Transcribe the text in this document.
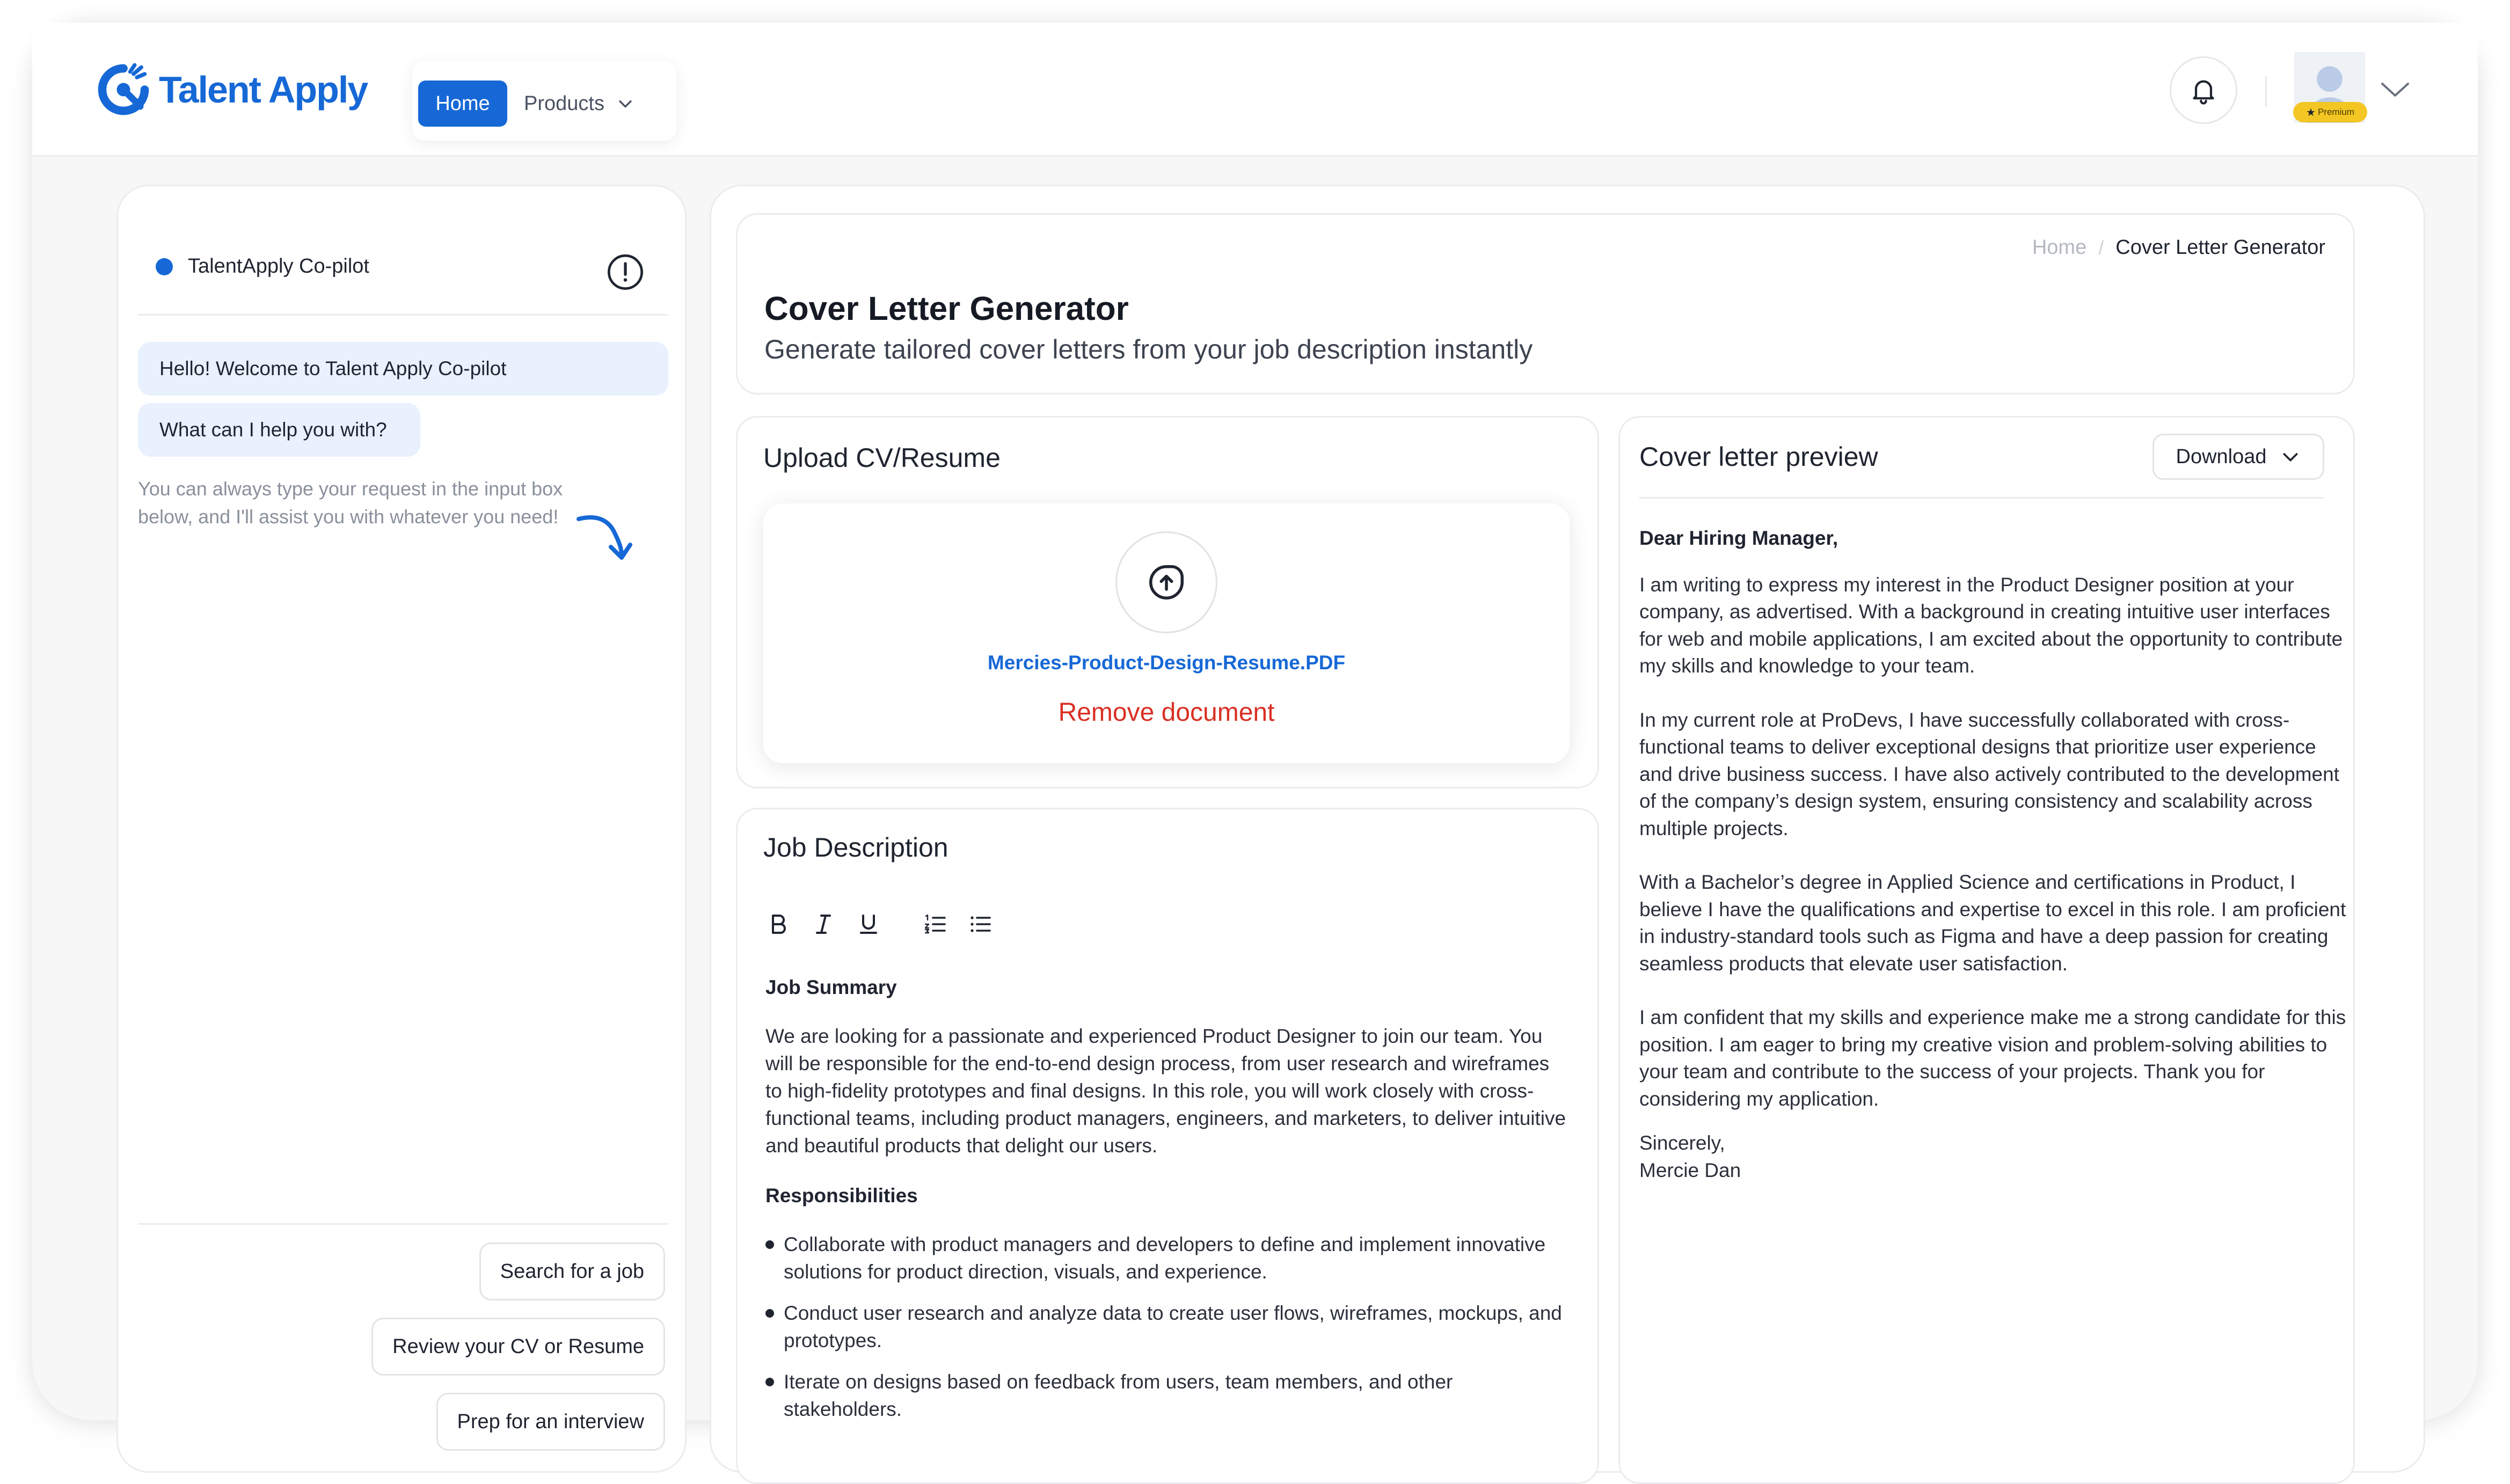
Talent Apply	Home	Products	★ Premium
TalentApply Co-pilot
Hello! Welcome to Talent Apply Co-pilot
What can I help you with?
You can always type your request in the input box below, and I'll assist you with whatever you need!
Search for a job
Review your CV or Resume
Prep for an interview
Home / Cover Letter Generator
Cover Letter Generator
Generate tailored cover letters from your job description instantly
Upload CV/Resume
Mercies-Product-Design-Resume.PDF
Remove document
Job Description
Job Summary
We are looking for a passionate and experienced Product Designer to join our team. You will be responsible for the end-to-end design process, from user research and wireframes to high-fidelity prototypes and final designs. In this role, you will work closely with cross-functional teams, including product managers, engineers, and marketers, to deliver intuitive and beautiful products that delight our users.
Responsibilities
Collaborate with product managers and developers to define and implement innovative solutions for product direction, visuals, and experience.
Conduct user research and analyze data to create user flows, wireframes, mockups, and prototypes.
Iterate on designs based on feedback from users, team members, and other stakeholders.
Cover letter preview	Download
Dear Hiring Manager,

I am writing to express my interest in the Product Designer position at your company, as advertised. With a background in creating intuitive user interfaces for web and mobile applications, I am excited about the opportunity to contribute my skills and knowledge to your team.

In my current role at ProDevs, I have successfully collaborated with cross-functional teams to deliver exceptional designs that prioritize user experience and drive business success. I have also actively contributed to the development of the company’s design system, ensuring consistency and scalability across multiple projects.

With a Bachelor’s degree in Applied Science and certifications in Product, I believe I have the qualifications and expertise to excel in this role. I am proficient in industry-standard tools such as Figma and have a deep passion for creating seamless products that elevate user satisfaction.

I am confident that my skills and experience make me a strong candidate for this position. I am eager to bring my creative vision and problem-solving abilities to your team and contribute to the success of your projects. Thank you for considering my application.

Sincerely,
Mercie Dan
